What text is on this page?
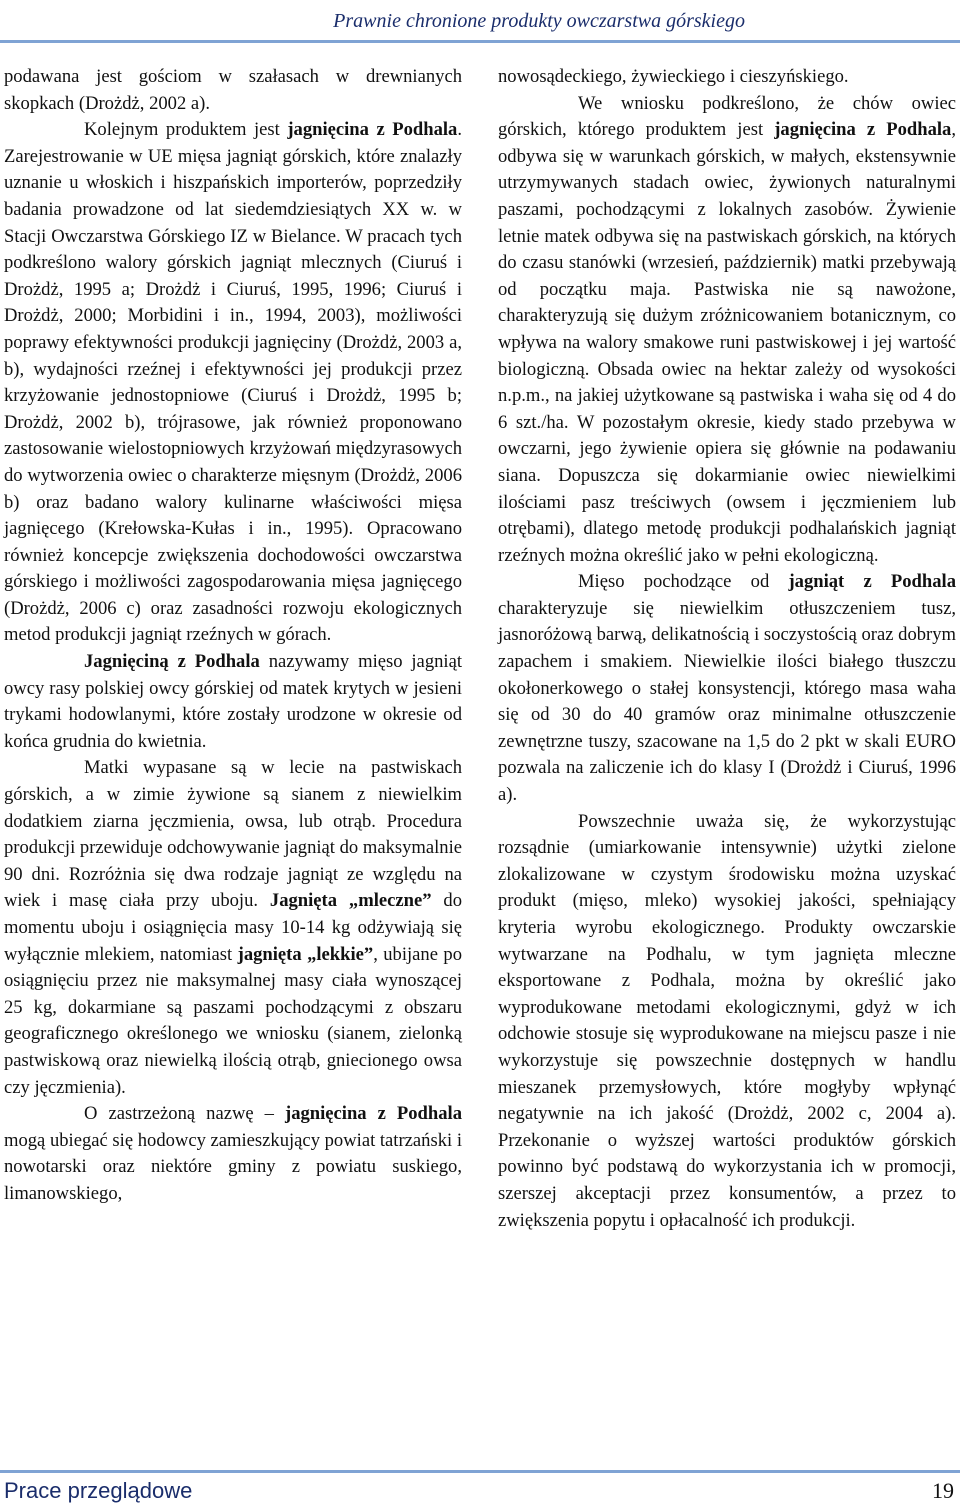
Prawnie chronione produkty owczarstwa górskiego

podawana jest gościom w szałasach w drewnianych skopkach (Drożdż, 2002 a).

Kolejnym produktem jest jagnięcina z Podhala. Zarejestrowanie w UE mięsa jagniąt górskich, które znalazły uznanie u włoskich i hiszpańskich importerów, poprzedziły badania prowadzone od lat siedemdziesiątych XX w. w Stacji Owczarstwa Górskiego IZ w Bielance. W pracach tych podkreślono walory górskich jagniąt mlecznych (Ciuruś i Drożdż, 1995 a; Drożdż i Ciuruś, 1995, 1996; Ciuruś i Drożdż, 2000; Morbidini i in., 1994, 2003), możliwości poprawy efektywności produkcji jagnięciny (Drożdż, 2003 a, b), wydajności rzeźnej i efektywności jej produkcji przez krzyżowanie jednostopniowe (Ciuruś i Drożdż, 1995 b; Drożdż, 2002 b), trójrasowe, jak również proponowano zastosowanie wielostopniowych krzyżowań międzyrasowych do wytworzenia owiec o charakterze mięsnym (Drożdż, 2006 b) oraz badano walory kulinarne właściwości mięsa jagnięcego (Krełowska-Kułas i in., 1995). Opracowano również koncepcje zwiększenia dochodowości owczarstwa górskiego i możliwości zagospodarowania mięsa jagnięcego (Drożdż, 2006 c) oraz zasadności rozwoju ekologicznych metod produkcji jagniąt rzeźnych w górach.

Jagnięciną z Podhala nazywamy mięso jagniąt owcy rasy polskiej owcy górskiej od matek krytych w jesieni trykami hodowlanymi, które zostały urodzone w okresie od końca grudnia do kwietnia.

Matki wypasane są w lecie na pastwiskach górskich, a w zimie żywione są sianem z niewielkim dodatkiem ziarna jęczmienia, owsa, lub otrąb. Procedura produkcji przewiduje odchowywanie jagniąt do maksymalnie 90 dni. Rozróżnia się dwa rodzaje jagniąt ze względu na wiek i masę ciała przy uboju. Jagnięta „mleczne” do momentu uboju i osiągnięcia masy 10-14 kg odżywiają się wyłącznie mlekiem, natomiast jagnięta „lekkie”, ubijane po osiągnięciu przez nie maksymalnej masy ciała wynoszącej 25 kg, dokarmiane są paszami pochodzącymi z obszaru geograficznego określonego we wniosku (sianem, zielonką pastwiskową oraz niewielką ilością otrąb, gniecionego owsa czy jęczmienia).

O zastrzeżoną nazwę – jagnięcina z Podhala mogą ubiegać się hodowcy zamieszkujący powiat tatrzański i nowotarski oraz niektóre gminy z powiatu suskiego, limanowskiego,

nowosądeckiego, żywieckiego i cieszyńskiego.

We wniosku podkreślono, że chów owiec górskich, którego produktem jest jagnięcina z Podhala, odbywa się w warunkach górskich, w małych, ekstensywnie utrzymywanych stadach owiec, żywionych naturalnymi paszami, pochodzącymi z lokalnych zasobów. Żywienie letnie matek odbywa się na pastwiskach górskich, na których do czasu stanówki (wrzesień, październik) matki przebywają od początku maja. Pastwiska nie są nawożone, charakteryzują się dużym zróżnicowaniem botanicznym, co wpływa na walory smakowe runi pastwiskowej i jej wartość biologiczną. Obsada owiec na hektar zależy od wysokości n.p.m., na jakiej użytkowane są pastwiska i waha się od 4 do 6 szt./ha. W pozostałym okresie, kiedy stado przebywa w owczarni, jego żywienie opiera się głównie na podawaniu siana. Dopuszcza się dokarmianie owiec niewielkimi ilościami pasz treściwych (owsem i jęczmieniem lub otrębami), dlatego metodę produkcji podhalańskich jagniąt rzeźnych można określić jako w pełni ekologiczną.

Mięso pochodzące od jagniąt z Podhala charakteryzuje się niewielkim otłuszczeniem tusz, jasnoróżową barwą, delikatnością i soczystością oraz dobrym zapachem i smakiem. Niewielkie ilości białego tłuszczu okołonerkowego o stałej konsystencji, którego masa waha się od 30 do 40 gramów oraz minimalne otłuszczenie zewnętrzne tuszy, szacowane na 1,5 do 2 pkt w skali EURO pozwala na zaliczenie ich do klasy I (Drożdż i Ciuruś, 1996 a).

Powszechnie uważa się, że wykorzystując rozsądnie (umiarkowanie intensywnie) użytki zielone zlokalizowane w czystym środowisku można uzyskać produkt (mięso, mleko) wysokiej jakości, spełniający kryteria wyrobu ekologicznego. Produkty owczarskie wytwarzane na Podhalu, w tym jagnięta mleczne eksportowane z Podhala, można by określić jako wyprodukowane metodami ekologicznymi, gdyż w ich odchowie stosuje się wyprodukowane na miejscu pasze i nie wykorzystuje się powszechnie dostępnych w handlu mieszanek przemysłowych, które mogłyby wpłynąć negatywnie na ich jakość (Drożdż, 2002 c, 2004 a). Przekonanie o wyższej wartości produktów górskich powinno być podstawą do wykorzystania ich w promocji, szerszej akceptacji przez konsumentów, a przez to zwiększenia popytu i opłacalność ich produkcji.

Prace przeglądowe	19
